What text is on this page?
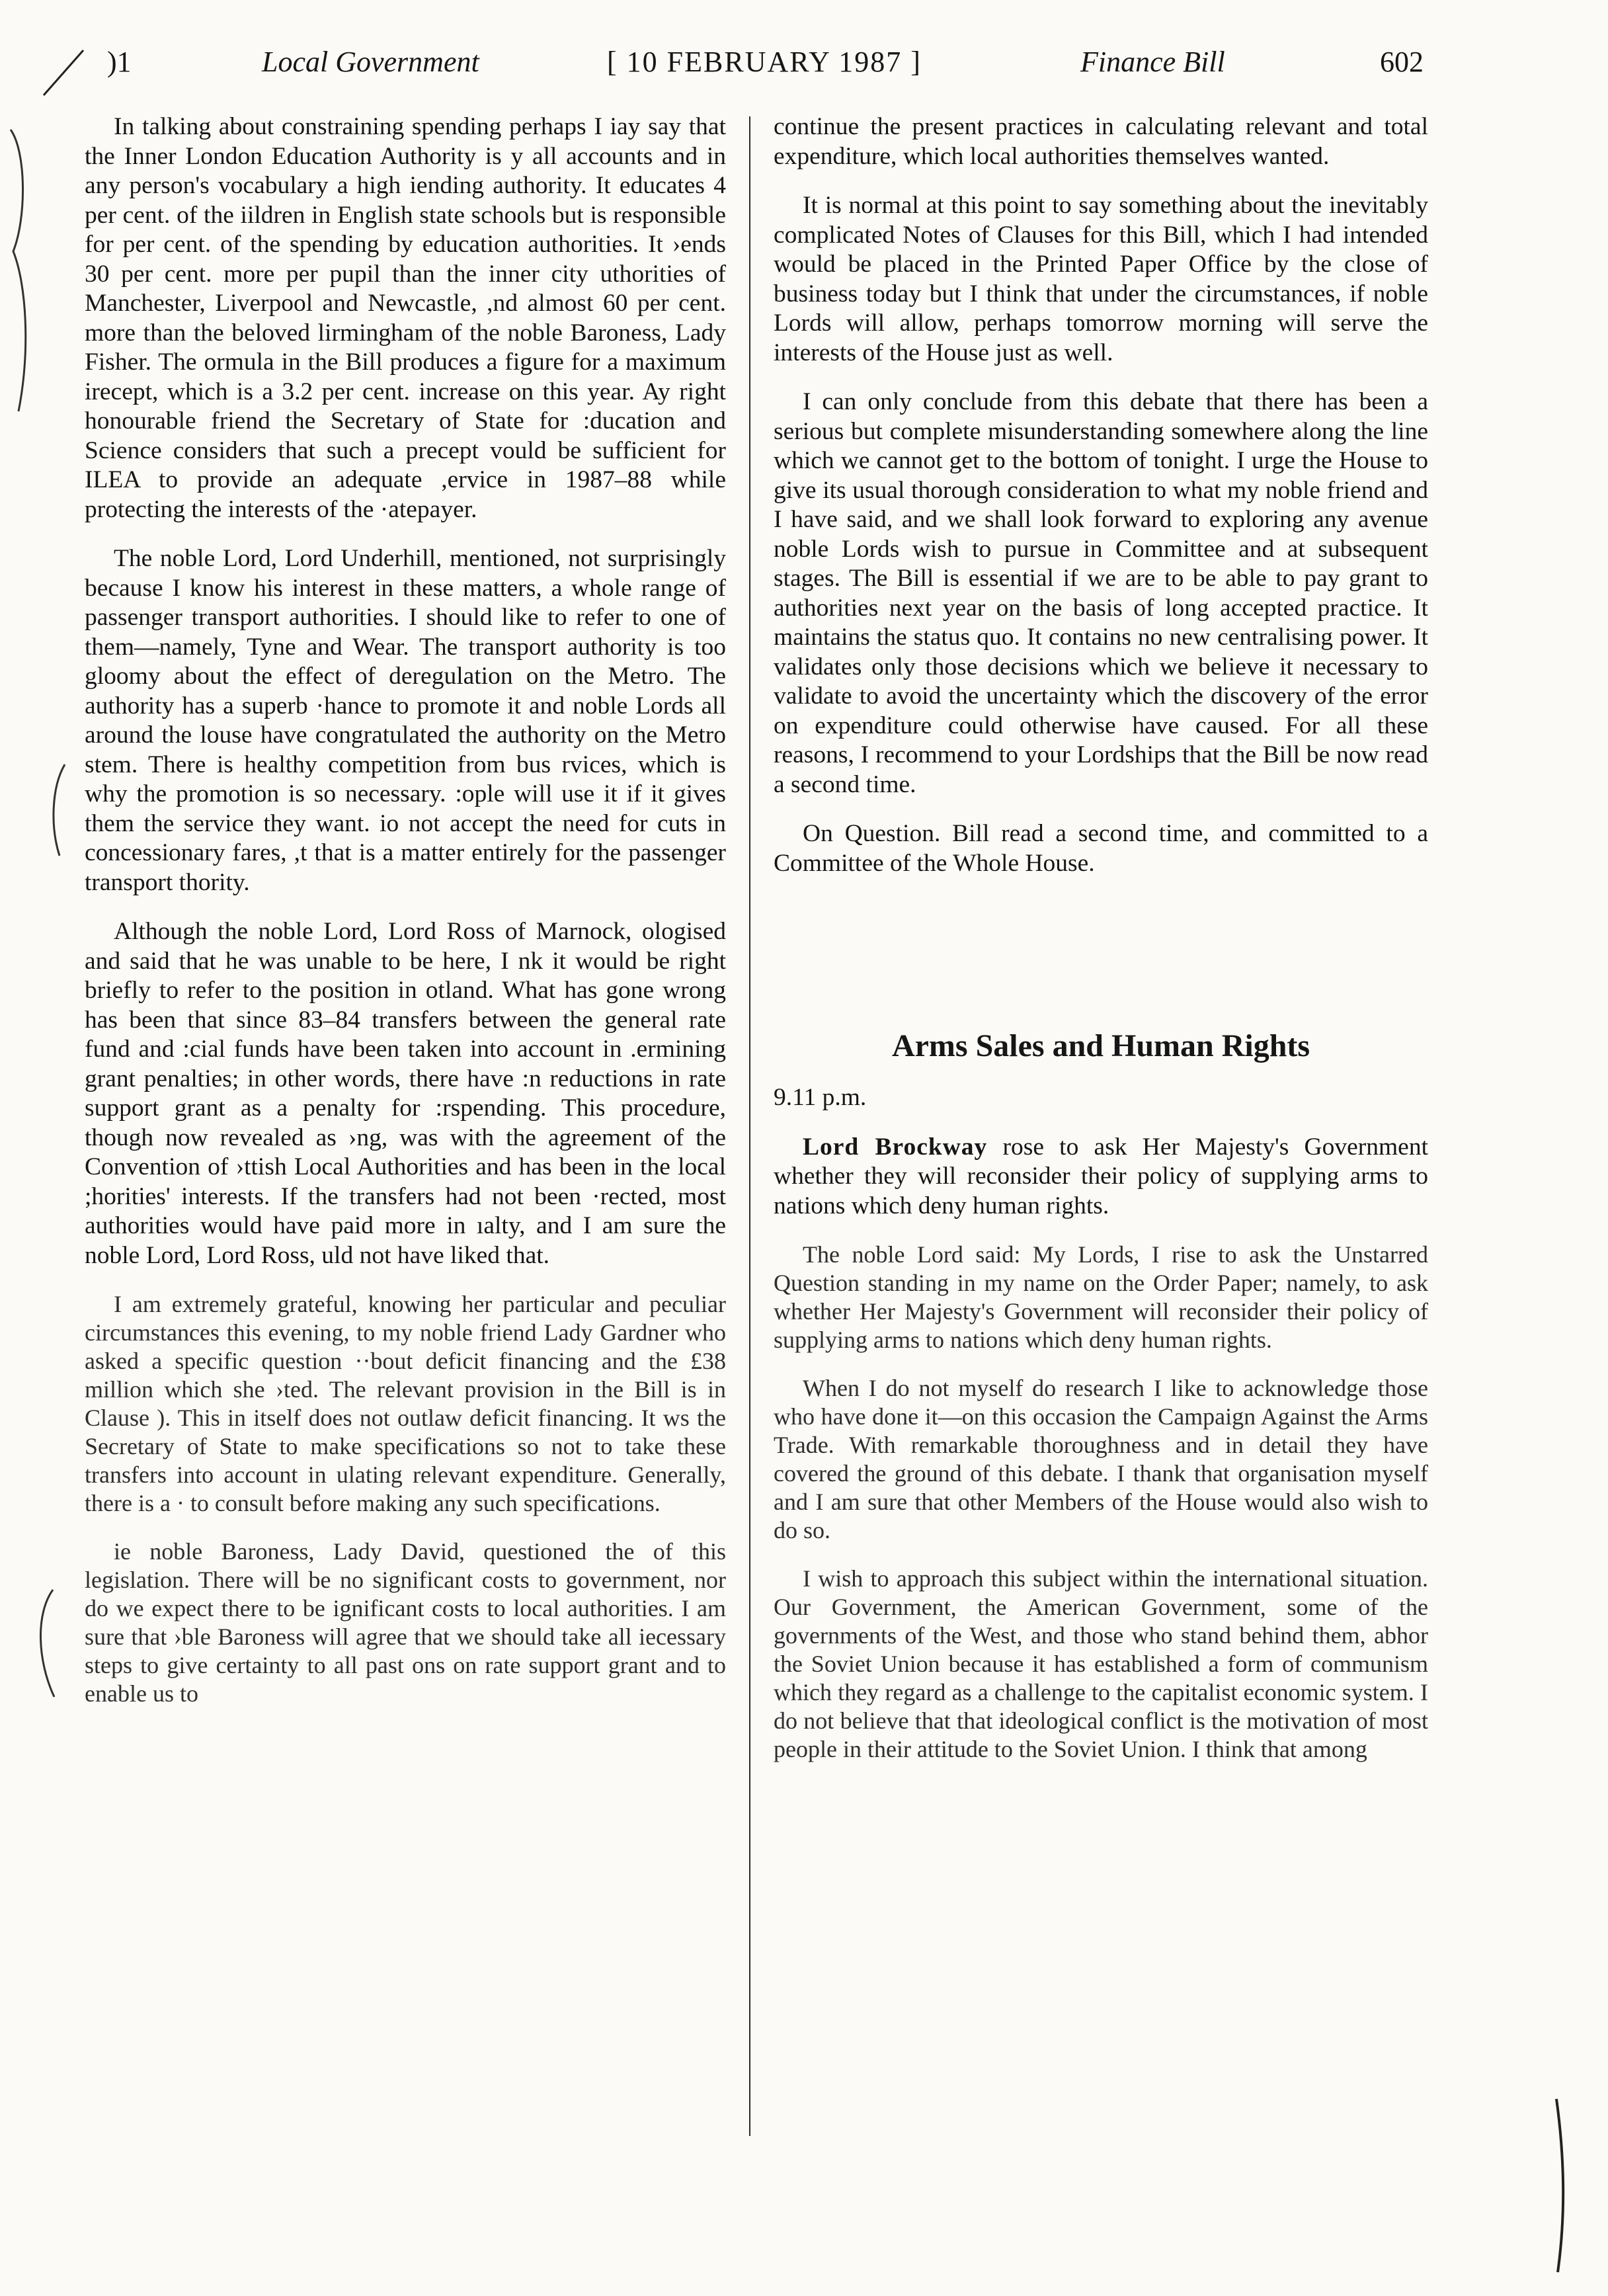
)1	Local Government	[ 10 FEBRUARY 1987 ]	Finance Bill	602

In talking about constraining spending perhaps I iay say that the Inner London Education Authority is y all accounts and in any person's vocabulary a high iending authority. It educates 4 per cent. of the iildren in English state schools but is responsible for per cent. of the spending by education authorities. It ›ends 30 per cent. more per pupil than the inner city uthorities of Manchester, Liverpool and Newcastle, ,nd almost 60 per cent. more than the beloved lirmingham of the noble Baroness, Lady Fisher. The ormula in the Bill produces a figure for a maximum irecept, which is a 3.2 per cent. increase on this year. Ay right honourable friend the Secretary of State for :ducation and Science considers that such a precept vould be sufficient for ILEA to provide an adequate ,ervice in 1987–88 while protecting the interests of the ·atepayer.

The noble Lord, Lord Underhill, mentioned, not surprisingly because I know his interest in these matters, a whole range of passenger transport authorities. I should like to refer to one of them—namely, Tyne and Wear. The transport authority is too gloomy about the effect of deregulation on the Metro. The authority has a superb ·hance to promote it and noble Lords all around the louse have congratulated the authority on the Metro stem. There is healthy competition from bus rvices, which is why the promotion is so necessary. :ople will use it if it gives them the service they want. io not accept the need for cuts in concessionary fares, ,t that is a matter entirely for the passenger transport thority.

Although the noble Lord, Lord Ross of Marnock, ologised and said that he was unable to be here, I nk it would be right briefly to refer to the position in otland. What has gone wrong has been that since 83–84 transfers between the general rate fund and :cial funds have been taken into account in .ermining grant penalties; in other words, there have :n reductions in rate support grant as a penalty for :rspending. This procedure, though now revealed as ›ng, was with the agreement of the Convention of ›ttish Local Authorities and has been in the local ;horities' interests. If the transfers had not been ·rected, most authorities would have paid more in ıalty, and I am sure the noble Lord, Lord Ross, uld not have liked that.

I am extremely grateful, knowing her particular and peculiar circumstances this evening, to my noble friend Lady Gardner who asked a specific question ··bout deficit financing and the £38 million which she ›ted. The relevant provision in the Bill is in Clause ). This in itself does not outlaw deficit financing. It ws the Secretary of State to make specifications so not to take these transfers into account in ulating relevant expenditure. Generally, there is a · to consult before making any such specifications.

ie noble Baroness, Lady David, questioned the of this legislation. There will be no significant costs to government, nor do we expect there to be ignificant costs to local authorities. I am sure that ›ble Baroness will agree that we should take all iecessary steps to give certainty to all past ons on rate support grant and to enable us to

continue the present practices in calculating relevant and total expenditure, which local authorities themselves wanted.

It is normal at this point to say something about the inevitably complicated Notes of Clauses for this Bill, which I had intended would be placed in the Printed Paper Office by the close of business today but I think that under the circumstances, if noble Lords will allow, perhaps tomorrow morning will serve the interests of the House just as well.

I can only conclude from this debate that there has been a serious but complete misunderstanding somewhere along the line which we cannot get to the bottom of tonight. I urge the House to give its usual thorough consideration to what my noble friend and I have said, and we shall look forward to exploring any avenue noble Lords wish to pursue in Committee and at subsequent stages. The Bill is essential if we are to be able to pay grant to authorities next year on the basis of long accepted practice. It maintains the status quo. It contains no new centralising power. It validates only those decisions which we believe it necessary to validate to avoid the uncertainty which the discovery of the error on expenditure could otherwise have caused. For all these reasons, I recommend to your Lordships that the Bill be now read a second time.

On Question. Bill read a second time, and committed to a Committee of the Whole House.

Arms Sales and Human Rights

9.11 p.m.

Lord Brockway rose to ask Her Majesty's Government whether they will reconsider their policy of supplying arms to nations which deny human rights.

The noble Lord said: My Lords, I rise to ask the Unstarred Question standing in my name on the Order Paper; namely, to ask whether Her Majesty's Government will reconsider their policy of supplying arms to nations which deny human rights.

When I do not myself do research I like to acknowledge those who have done it—on this occasion the Campaign Against the Arms Trade. With remarkable thoroughness and in detail they have covered the ground of this debate. I thank that organisation myself and I am sure that other Members of the House would also wish to do so.

I wish to approach this subject within the international situation. Our Government, the American Government, some of the governments of the West, and those who stand behind them, abhor the Soviet Union because it has established a form of communism which they regard as a challenge to the capitalist economic system. I do not believe that that ideological conflict is the motivation of most people in their attitude to the Soviet Union. I think that among
